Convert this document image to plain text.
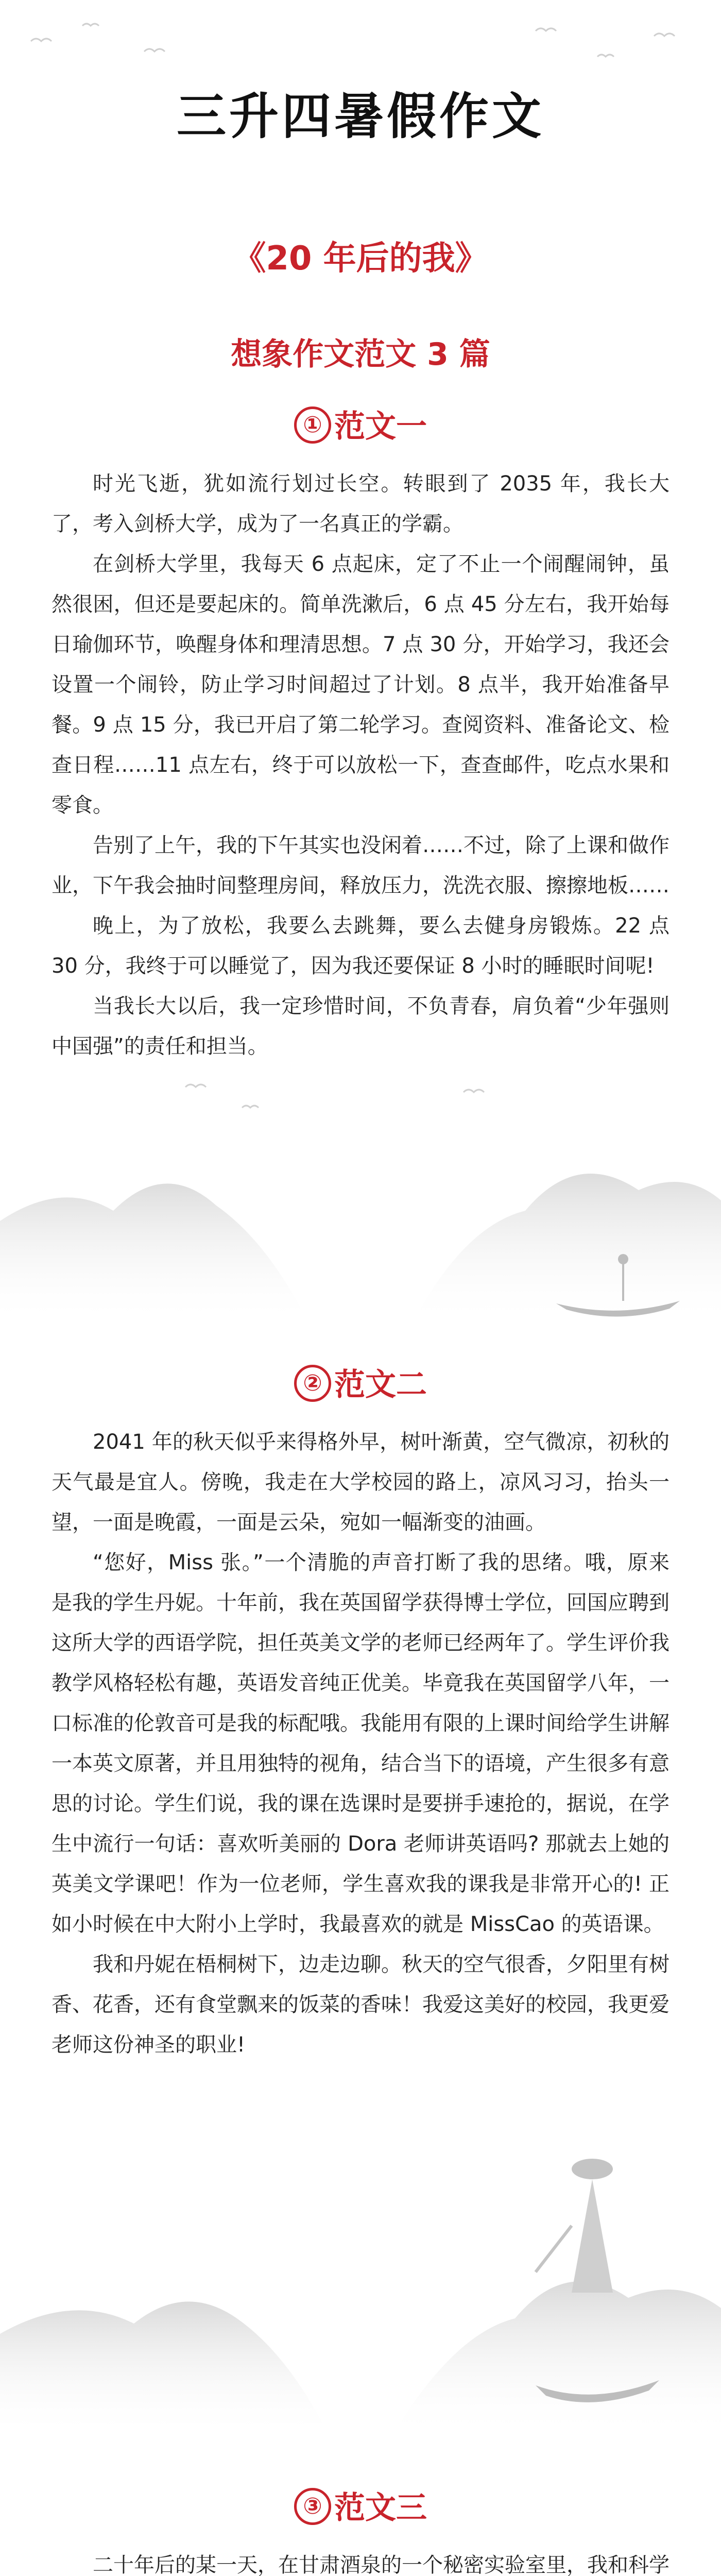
三升四暑假作文
《20 年后的我》
想象作文范文 3 篇
① 范文一

时光飞逝，犹如流行划过长空。转眼到了 2035 年，我长大了，考入剑桥大学，成为了一名真正的学霸。

在剑桥大学里，我每天 6 点起床，定了不止一个闹醒闹钟，虽然很困，但还是要起床的。简单洗漱后，6 点 45 分左右，我开始每日瑜伽环节，唤醒身体和理清思想。7 点 30 分，开始学习，我还会设置一个闹铃，防止学习时间超过了计划。8 点半，我开始准备早餐。9 点 15 分，我已开启了第二轮学习。查阅资料、准备论文、检查日程……11 点左右，终于可以放松一下，查查邮件，吃点水果和零食。

告别了上午，我的下午其实也没闲着……不过，除了上课和做作业，下午我会抽时间整理房间，释放压力，洗洗衣服、擦擦地板……

晚上，为了放松，我要么去跳舞，要么去健身房锻炼。22 点 30 分，我终于可以睡觉了，因为我还要保证 8 小时的睡眠时间呢!

当我长大以后，我一定珍惜时间，不负青春，肩负着“少年强则中国强”的责任和担当。

② 范文二

2041 年的秋天似乎来得格外早，树叶渐黄，空气微凉，初秋的天气最是宜人。傍晚，我走在大学校园的路上，凉风习习，抬头一望，一面是晚霞，一面是云朵，宛如一幅渐变的油画。

“您好，Miss 张。”一个清脆的声音打断了我的思绪。哦，原来是我的学生丹妮。十年前，我在英国留学获得博士学位，回国应聘到这所大学的西语学院，担任英美文学的老师已经两年了。学生评价我教学风格轻松有趣，英语发音纯正优美。毕竟我在英国留学八年，一口标准的伦敦音可是我的标配哦。我能用有限的上课时间给学生讲解一本英文原著，并且用独特的视角，结合当下的语境，产生很多有意思的讨论。学生们说，我的课在选课时是要拼手速抢的，据说，在学生中流行一句话：喜欢听美丽的 Dora 老师讲英语吗? 那就去上她的英美文学课吧！作为一位老师，学生喜欢我的课我是非常开心的! 正如小时候在中大附小上学时，我最喜欢的就是 MissCao 的英语课。

我和丹妮在梧桐树下，边走边聊。秋天的空气很香，夕阳里有树香、花香，还有食堂飘来的饭菜的香味！我爱这美好的校园，我更爱老师这份神圣的职业!

③ 范文三

二十年后的某一天，在甘肃酒泉的一个秘密实验室里，我和科学
